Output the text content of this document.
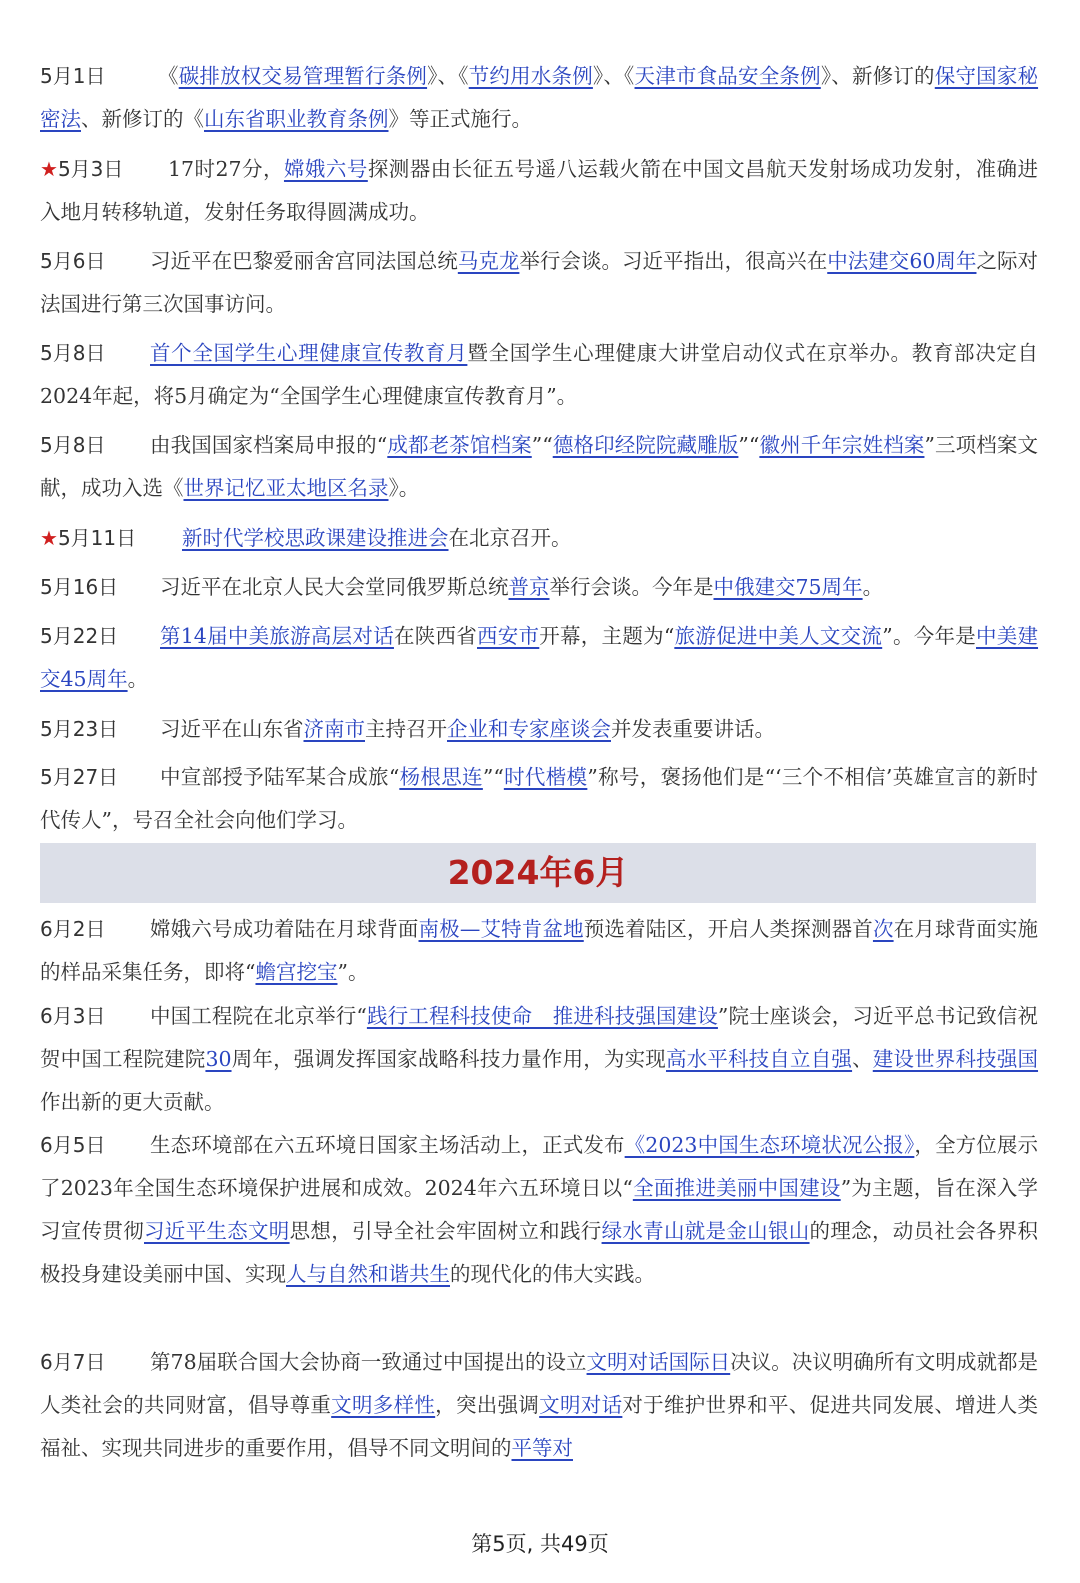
5月1日	《碳排放权交易管理暂行条例》、《节约用水条例》、《天津市食品安全条例》、新修订的保守国家秘密法、新修订的《山东省职业教育条例》等正式施行。
★5月3日	17时27分，嫦娥六号探测器由长征五号遥八运载火箭在中国文昌航天发射场成功发射，准确进入地月转移轨道，发射任务取得圆满成功。
5月6日	习近平在巴黎爱丽舍宫同法国总统马克龙举行会谈。习近平指出，很高兴在中法建交60周年之际对法国进行第三次国事访问。
5月8日	首个全国学生心理健康宣传教育月暨全国学生心理健康大讲堂启动仪式在京举办。教育部决定自2024年起，将5月确定为“全国学生心理健康宣传教育月”。
5月8日	由我国国家档案局申报的“成都老茶馆档案”“德格印经院院藏雕版”“徽州千年宗姓档案”三项档案文献，成功入选《世界记忆亚太地区名录》。
★5月11日	新时代学校思政课建设推进会在北京召开。
5月16日	习近平在北京人民大会堂同俄罗斯总统普京举行会谈。今年是中俄建交75周年。
5月22日	第14届中美旅游高层对话在陕西省西安市开幕，主题为“旅游促进中美人文交流”。今年是中美建交45周年。
5月23日	习近平在山东省济南市主持召开企业和专家座谈会并发表重要讲话。
5月27日	中宣部授予陆军某合成旅“杨根思连”“时代楷模”称号，褒扬他们是“‘三个不相信’英雄宣言的新时代传人”，号召全社会向他们学习。
6月2日	嫦娥六号成功着陆在月球背面南极—艾特肯盆地预选着陆区，开启人类探测器首次在月球背面实施的样品采集任务，即将“蟾宫挖宝”。
6月3日	中国工程院在北京举行“践行工程科技使命　推进科技强国建设”院士座谈会，习近平总书记致信祝贺中国工程院建院30周年，强调发挥国家战略科技力量作用，为实现高水平科技自立自强、建设世界科技强国作出新的更大贡献。
6月5日	生态环境部在六五环境日国家主场活动上，正式发布《2023中国生态环境状况公报》，全方位展示了2023年全国生态环境保护进展和成效。2024年六五环境日以“全面推进美丽中国建设”为主题，旨在深入学习宣传贯彻习近平生态文明思想，引导全社会牢固树立和践行绿水青山就是金山银山的理念，动员社会各界积极投身建设美丽中国、实现人与自然和谐共生的现代化的伟大实践。
6月7日	第78届联合国大会协商一致通过中国提出的设立文明对话国际日决议。决议明确所有文明成就都是人类社会的共同财富，倡导尊重文明多样性，突出强调文明对话对于维护世界和平、促进共同发展、增进人类福祉、实现共同进步的重要作用，倡导不同文明间的平等对
2024年6月
第5页, 共49页
